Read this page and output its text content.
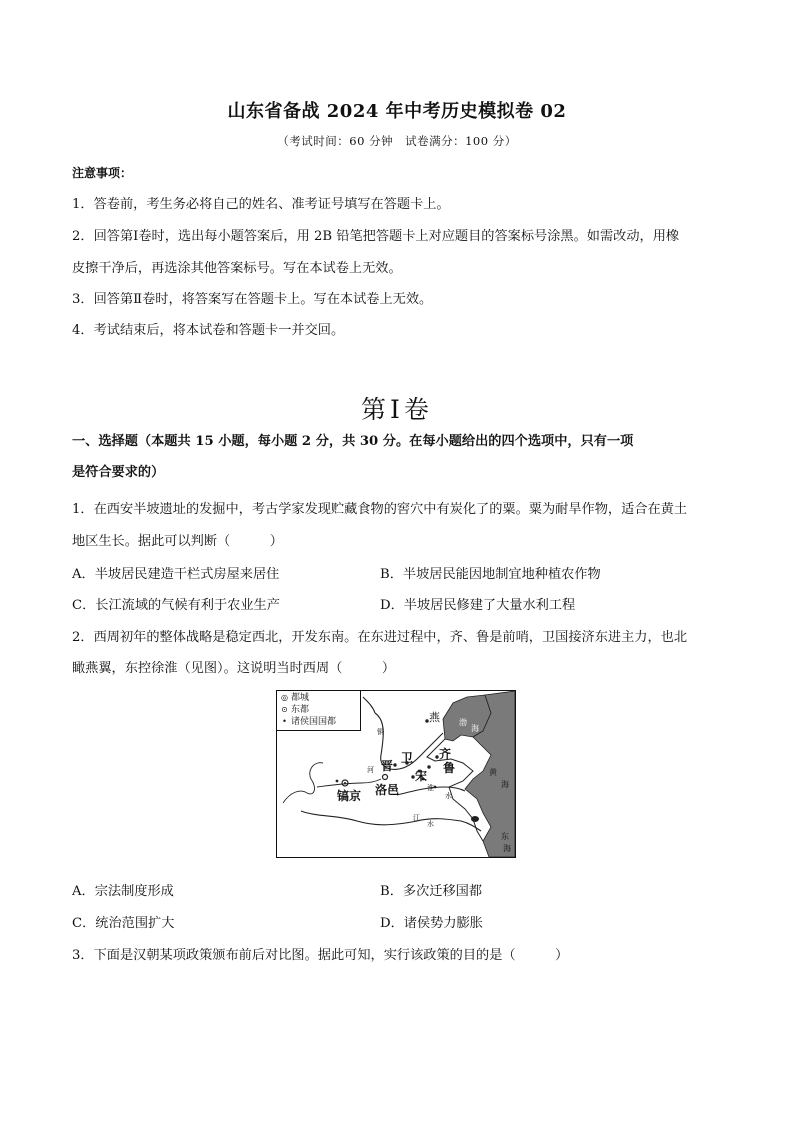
山东省备战 2024 年中考历史模拟卷 02
（考试时间：60 分钟　试卷满分：100 分）
注意事项：
1．答卷前，考生务必将自己的姓名、准考证号填写在答题卡上。
2．回答第Ⅰ卷时，选出每小题答案后，用 2B 铅笔把答题卡上对应题目的答案标号涂黑。如需改动，用橡
皮擦干净后，再选涂其他答案标号。写在本试卷上无效。
3．回答第Ⅱ卷时，将答案写在答题卡上。写在本试卷上无效。
4．考试结束后，将本试卷和答题卡一并交回。
第Ⅰ卷
一、选择题（本题共 15 小题，每小题 2 分，共 30 分。在每小题给出的四个选项中，只有一项
是符合要求的）
1．在西安半坡遗址的发掘中，考古学家发现贮藏食物的窖穴中有炭化了的粟。粟为耐旱作物，适合在黄土
地区生长。据此可以判断（　　　）
A．半坡居民建造干栏式房屋来居住	B．半坡居民能因地制宜地种植农作物
C．长江流域的气候有利于农业生产	D．半坡居民修建了大量水利工程
2．西周初年的整体战略是稳定西北，开发东南。在东进过程中，齐、鲁是前哨，卫国接济东进主力，也北
瞰燕翼，东控徐淮（见图）。这说明当时西周（　　　）
◎ 都城
⊙ 东都
• 诸侯国国都	燕
齐
鲁
卫
晋
宋
洛邑
镐京
渤
海
黄
海
东
海
河
水
淮
江
水
铜
A．宗法制度形成	B．多次迁移国都
C．统治范围扩大	D．诸侯势力膨胀
3．下面是汉朝某项政策颁布前后对比图。据此可知，实行该政策的目的是（　　　）
